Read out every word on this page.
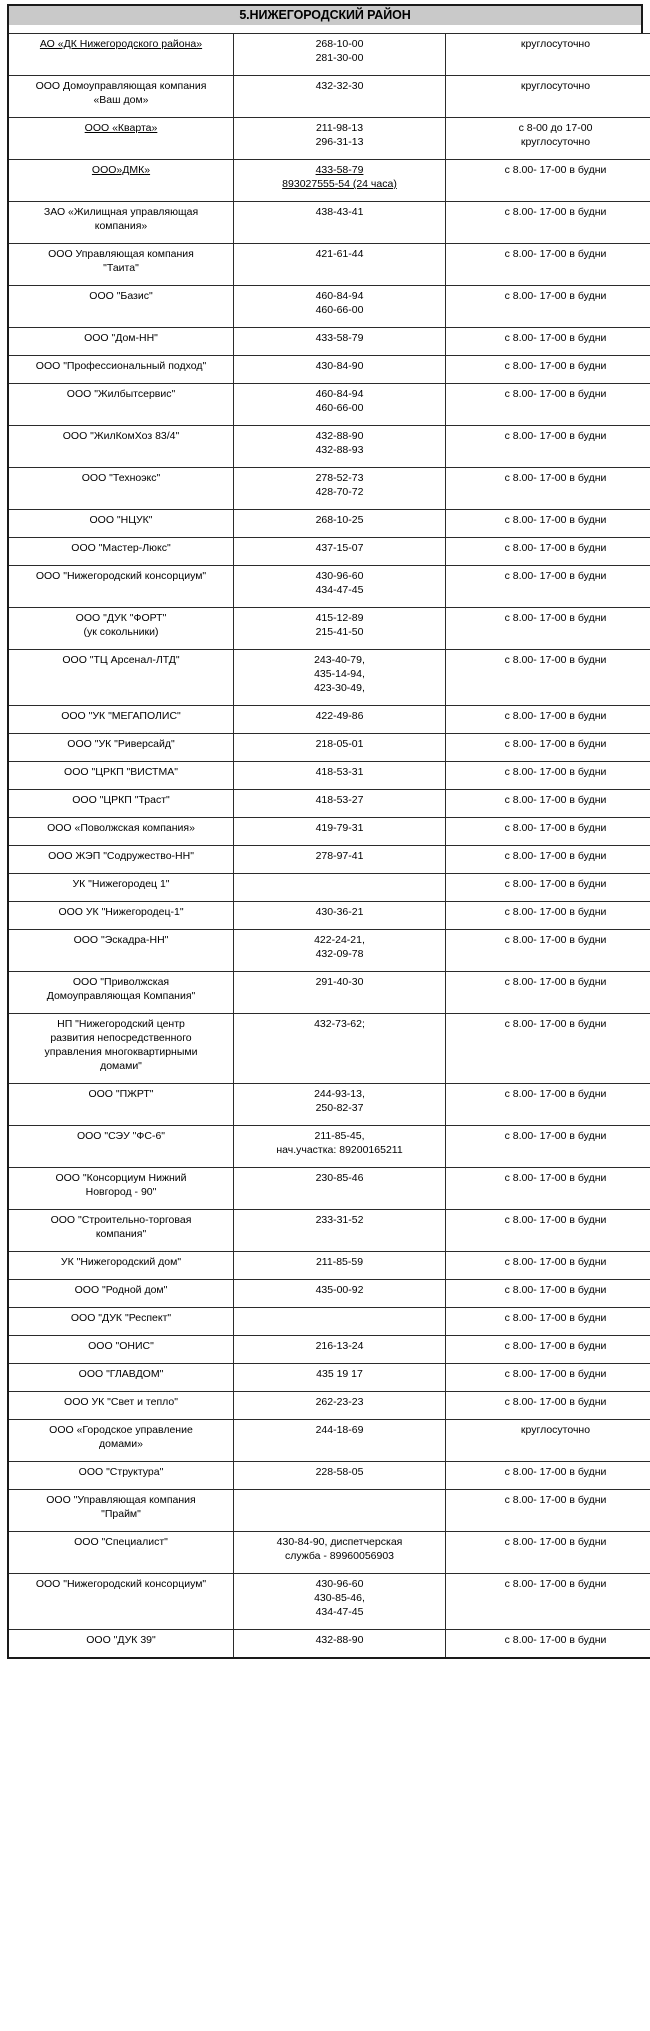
5.НИЖЕГОРОДСКИЙ РАЙОН
АО «ДК Нижегородского района»	268-10-00
281-30-00	круглосуточно

ООО Домоуправляющая компания
«Ваш дом»	432-32-30	круглосуточно

ООО «Кварта»	211-98-13
296-31-13	с 8-00 до 17-00
круглосуточно

ООО»ДМК»	433-58-79
893027555-54 (24 часа)	с 8.00- 17-00 в будни

ЗАО «Жилищная управляющая
компания»	438-43-41	с 8.00- 17-00 в будни

ООО Управляющая компания
"Таита"	421-61-44	с 8.00- 17-00 в будни

ООО "Базис"	460-84-94
460-66-00	с 8.00- 17-00 в будни

ООО "Дом-НН"	433-58-79	с 8.00- 17-00 в будни

ООО "Профессиональный подход"	430-84-90	с 8.00- 17-00 в будни

ООО "Жилбытсервис"	460-84-94
460-66-00	с 8.00- 17-00 в будни

ООО "ЖилКомХоз 83/4"	432-88-90
432-88-93	с 8.00- 17-00 в будни

ООО "Техноэкс"	278-52-73
428-70-72	с 8.00- 17-00 в будни

ООО "НЦУК"	268-10-25	с 8.00- 17-00 в будни

ООО "Мастер-Люкс"	437-15-07	с 8.00- 17-00 в будни

ООО "Нижегородский консорциум"	430-96-60
434-47-45	с 8.00- 17-00 в будни

ООО "ДУК "ФОРТ"
(ук сокольники)	415-12-89
215-41-50	с 8.00- 17-00 в будни

ООО "ТЦ Арсенал-ЛТД"	243-40-79,
435-14-94,
423-30-49,	с 8.00- 17-00 в будни

ООО "УК "МЕГАПОЛИС"	422-49-86	с 8.00- 17-00 в будни

ООО "УК "Риверсайд"	218-05-01	с 8.00- 17-00 в будни

ООО "ЦРКП "ВИСТМА"	418-53-31	с 8.00- 17-00 в будни

ООО "ЦРКП "Траст"	418-53-27	с 8.00- 17-00 в будни

ООО «Поволжская компания»	419-79-31	с 8.00- 17-00 в будни

ООО ЖЭП "Содружество-НН"	278-97-41	с 8.00- 17-00 в будни

УК "Нижегородец 1"		с 8.00- 17-00 в будни

ООО УК "Нижегородец-1"	430-36-21	с 8.00- 17-00 в будни

ООО "Эскадра-НН"	422-24-21,
432-09-78	с 8.00- 17-00 в будни

ООО "Приволжская
Домоуправляющая Компания"	291-40-30	с 8.00- 17-00 в будни

НП "Нижегородский центр
развития непосредственного
управления многоквартирными
домами"	432-73-62;	с 8.00- 17-00 в будни

ООО "ПЖРТ"	244-93-13,
250-82-37	с 8.00- 17-00 в будни

ООО "СЭУ "ФС-6"	211-85-45,
нач.участка: 89200165211	с 8.00- 17-00 в будни

ООО "Консорциум Нижний
Новгород - 90"	230-85-46	с 8.00- 17-00 в будни

ООО "Строительно-торговая
компания"	233-31-52	с 8.00- 17-00 в будни

УК "Нижегородский дом"	211-85-59	с 8.00- 17-00 в будни

ООО "Родной дом"	435-00-92	с 8.00- 17-00 в будни

ООО "ДУК "Респект"		с 8.00- 17-00 в будни

ООО "ОНИС"	216-13-24	с 8.00- 17-00 в будни

ООО "ГЛАВДОМ"	435 19 17	с 8.00- 17-00 в будни

ООО УК "Свет и тепло"	262-23-23	с 8.00- 17-00 в будни

ООО «Городское управление
домами»	244-18-69	круглосуточно

ООО "Структура"	228-58-05	с 8.00- 17-00 в будни

ООО "Управляющая компания
"Прайм"		с 8.00- 17-00 в будни

ООО "Специалист"	430-84-90, диспетчерская
служба - 89960056903	с 8.00- 17-00 в будни

ООО "Нижегородский консорциум"	430-96-60
430-85-46,
434-47-45	с 8.00- 17-00 в будни

ООО "ДУК 39"	432-88-90	с 8.00- 17-00 в будни
